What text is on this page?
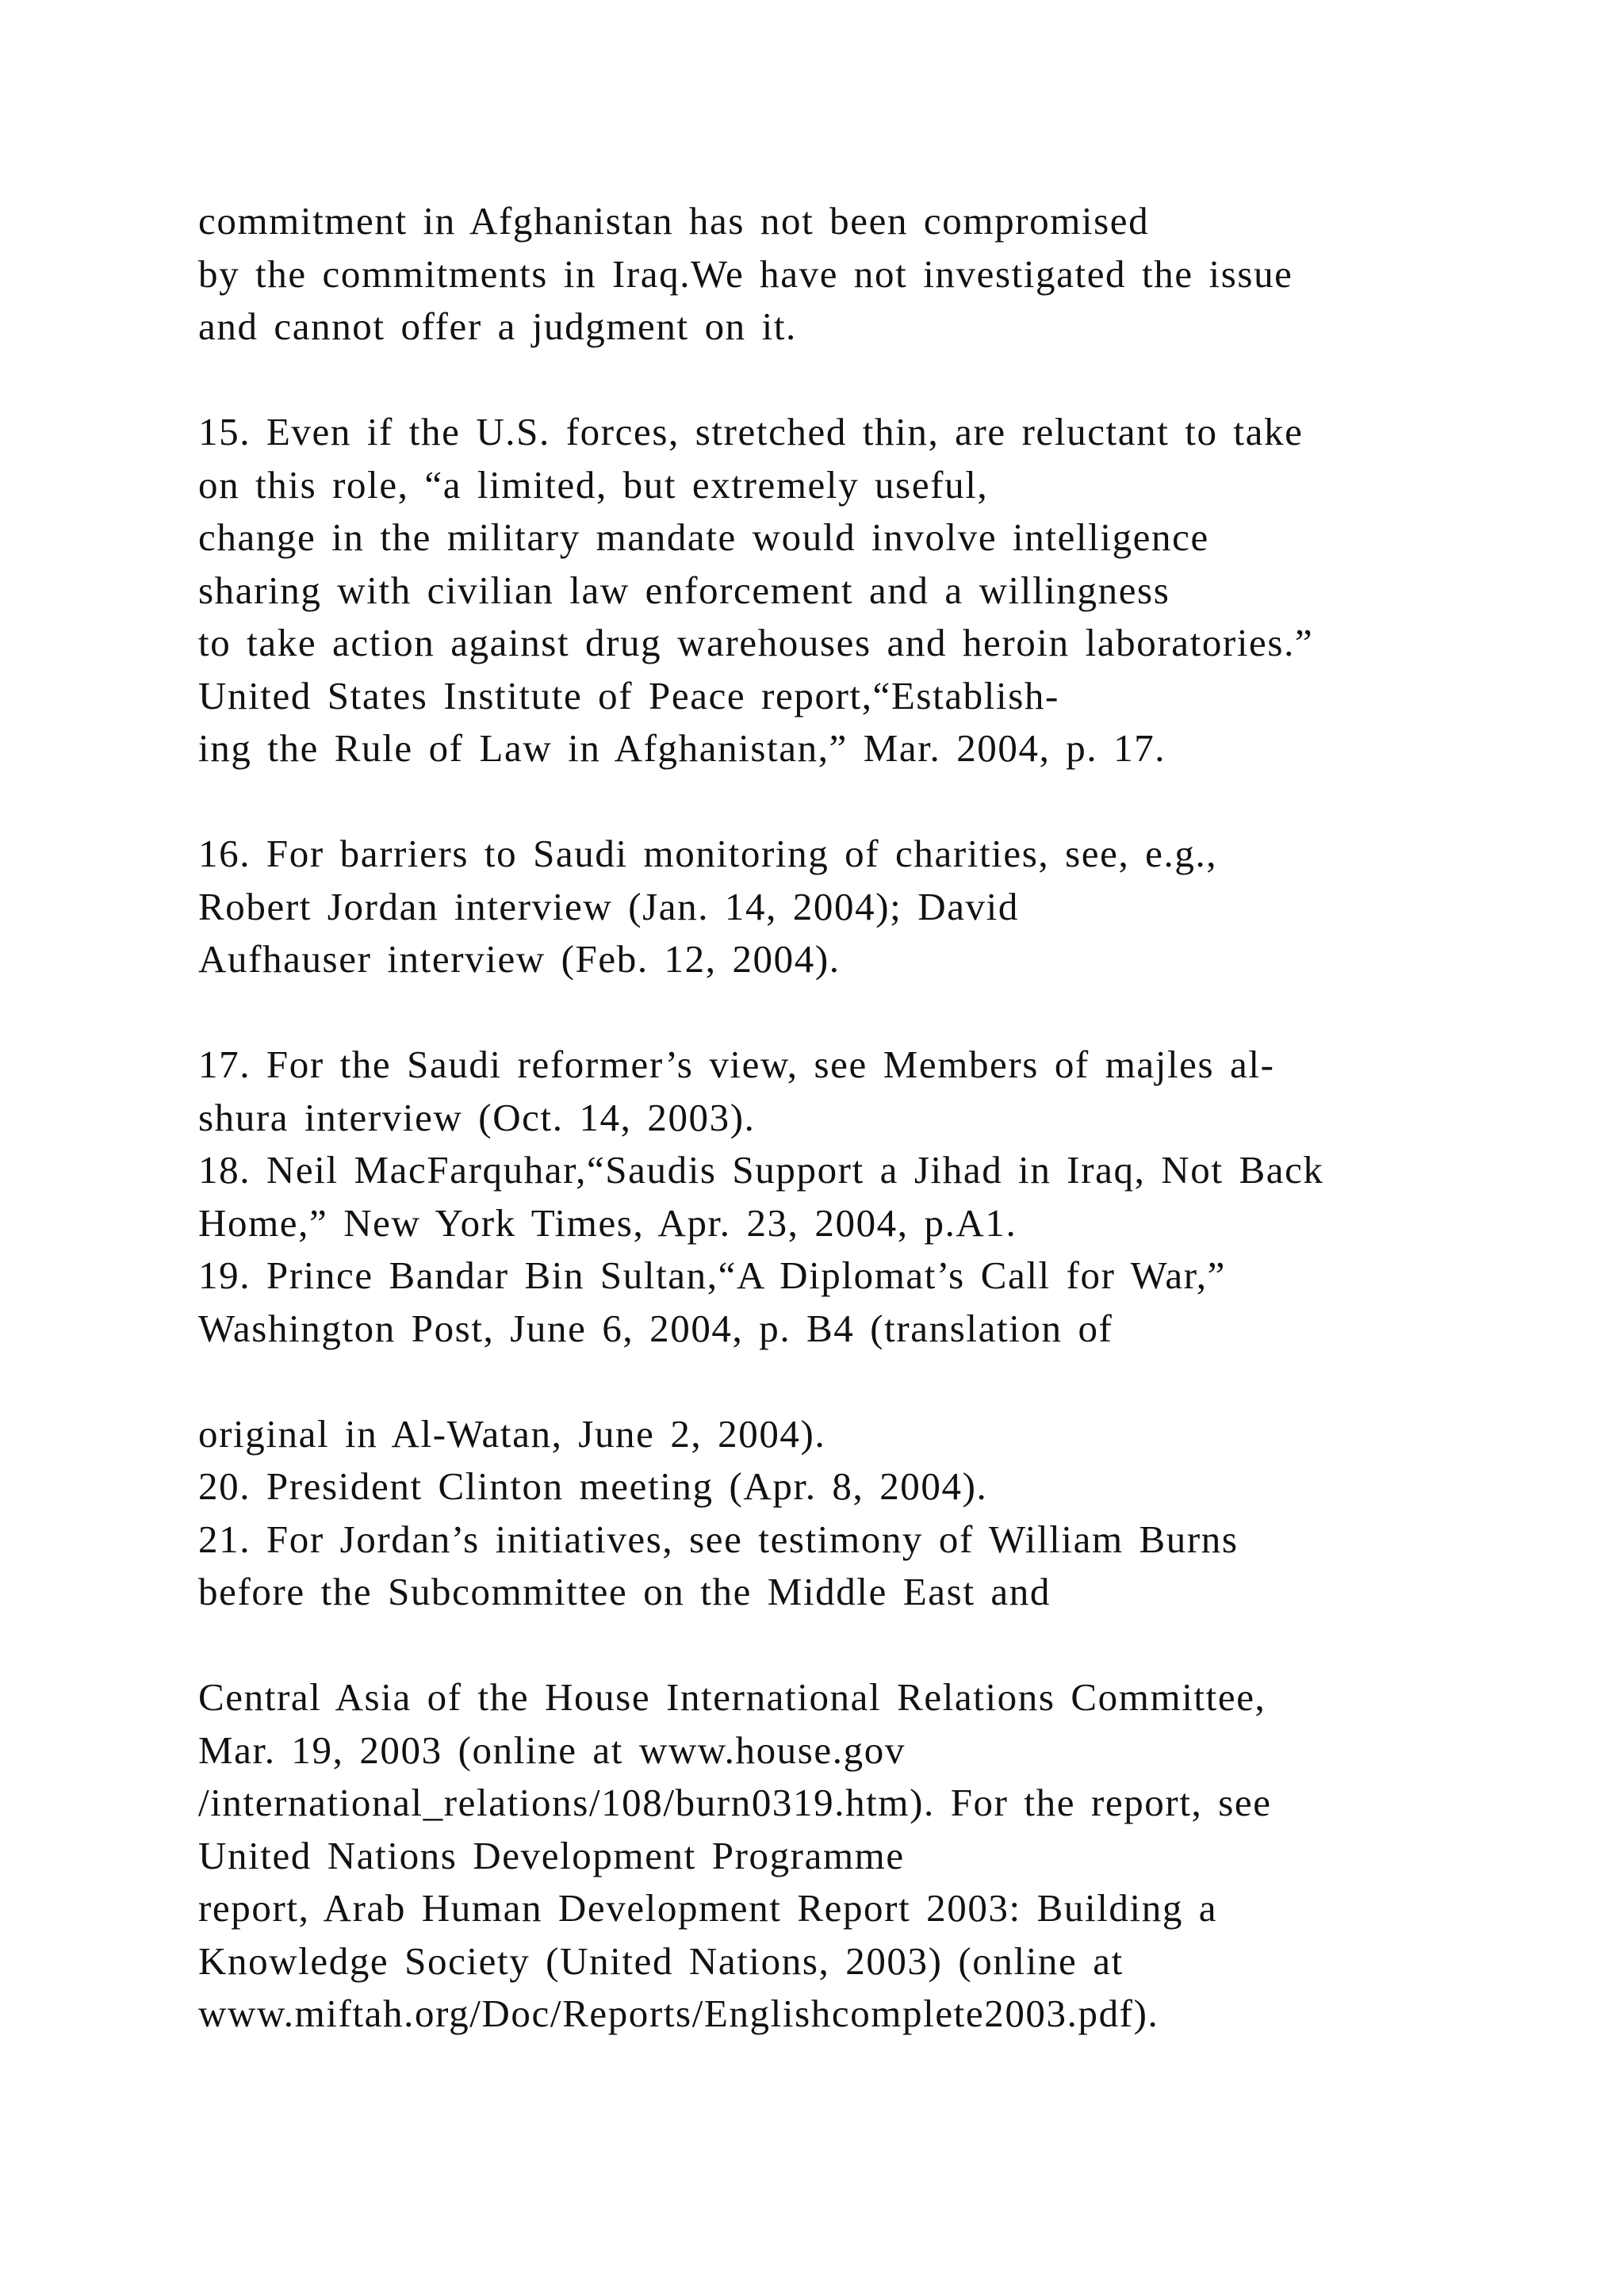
commitment in Afghanistan has not been compromised
by the commitments in Iraq.We have not investigated the issue
and cannot offer a judgment on it.
15. Even if the U.S. forces, stretched thin, are reluctant to take
on this role, “a limited, but extremely useful,
change in the military mandate would involve intelligence
sharing with civilian law enforcement and a willingness
to take action against drug warehouses and heroin laboratories.”
United States Institute of Peace report,“Establish-
ing the Rule of Law in Afghanistan,” Mar. 2004, p. 17.
16. For barriers to Saudi monitoring of charities, see, e.g.,
Robert Jordan interview (Jan. 14, 2004); David
Aufhauser interview (Feb. 12, 2004).
17. For the Saudi reformer’s view, see Members of majles al-
shura interview (Oct. 14, 2003).
18. Neil MacFarquhar,“Saudis Support a Jihad in Iraq, Not Back
Home,” New York Times, Apr. 23, 2004, p.A1.
19. Prince Bandar Bin Sultan,“A Diplomat’s Call for War,”
Washington Post, June 6, 2004, p. B4 (translation of
original in Al-Watan, June 2, 2004).
20. President Clinton meeting (Apr. 8, 2004).
21. For Jordan’s initiatives, see testimony of William Burns
before the Subcommittee on the Middle East and
Central Asia of the House International Relations Committee,
Mar. 19, 2003 (online at www.house.gov
/international_relations/108/burn0319.htm). For the report, see
United Nations Development Programme
report, Arab Human Development Report 2003: Building a
Knowledge Society (United Nations, 2003) (online at
www.miftah.org/Doc/Reports/Englishcomplete2003.pdf).
